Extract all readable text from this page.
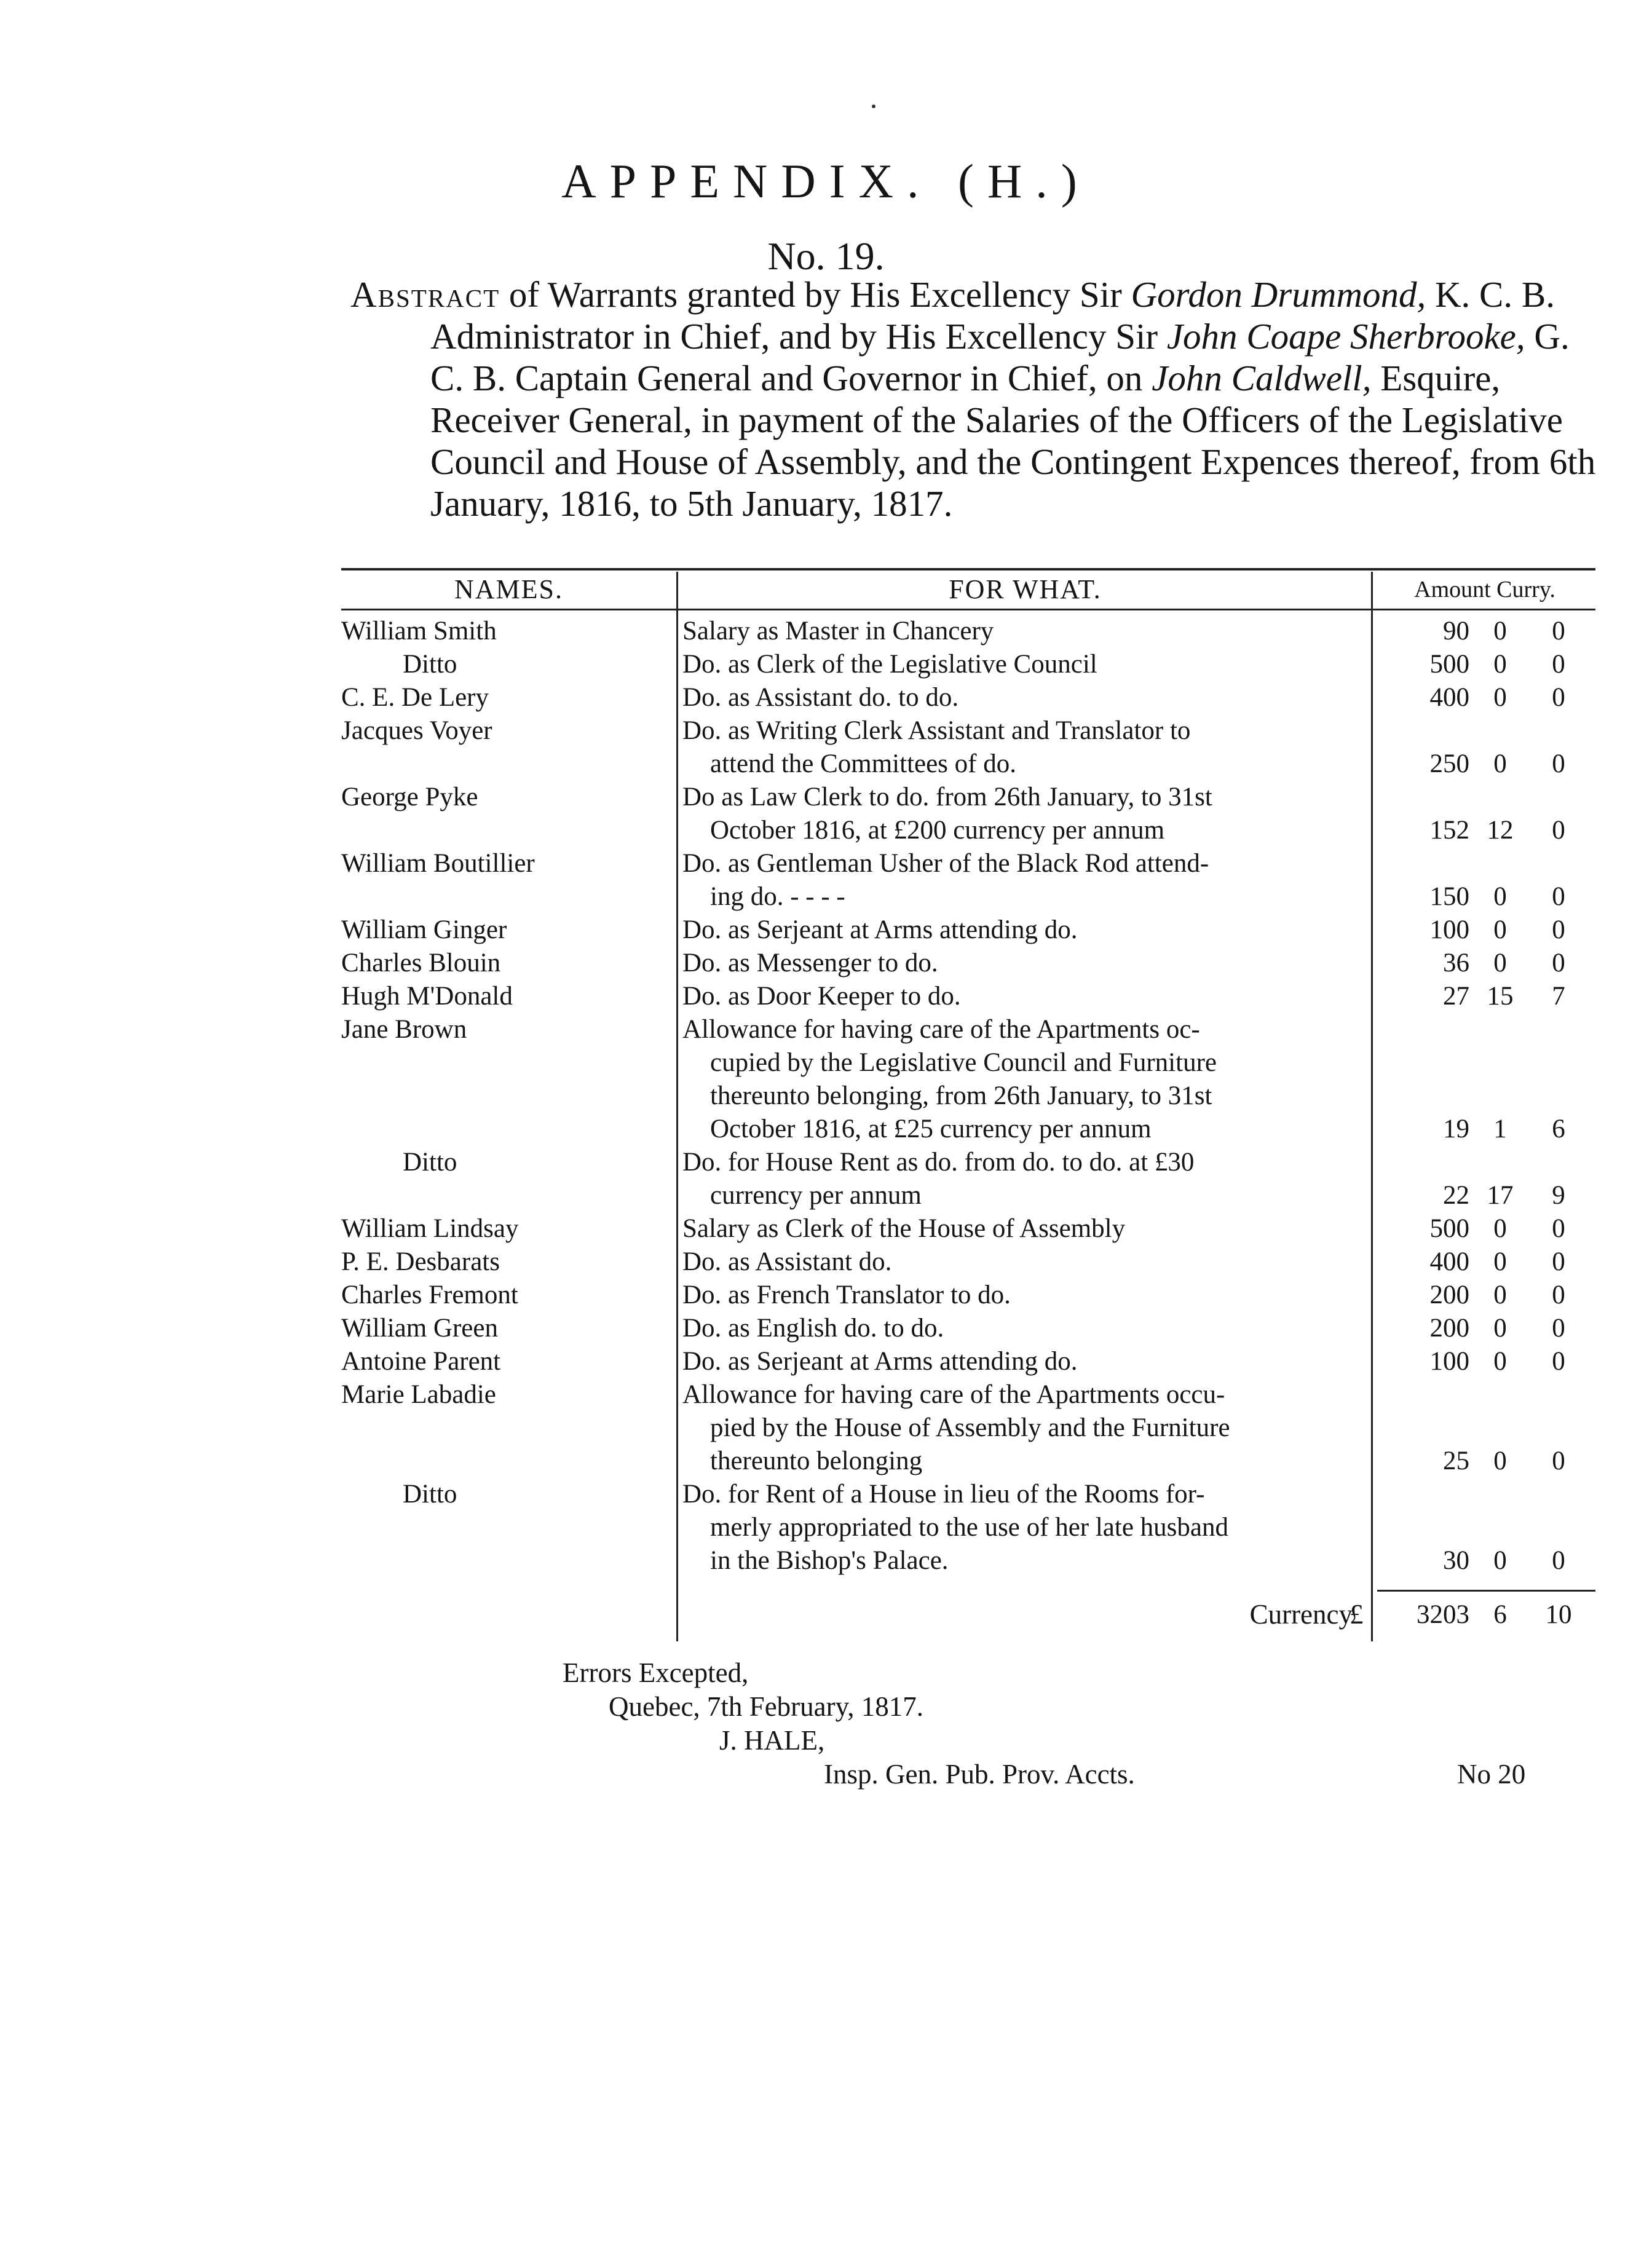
APPENDIX. (H.)
No. 19.

Abstract of Warrants granted by His Excellency Sir Gordon Drummond, K. C. B. Administrator in Chief, and by His Excellency Sir John Coape Sherbrooke, G. C. B. Captain General and Governor in Chief, on John Caldwell, Esquire, Receiver General, in payment of the Salaries of the Officers of the Legislative Council and House of Assembly, and the Contingent Expences thereof, from 6th January, 1816, to 5th January, 1817.

NAMES.	FOR WHAT.	Amount Curry.
William Smith	Salary as Master in Chancery	90 0	0
Ditto	Do. as Clerk of the Legislative Council	500 0	0
C. E. De Lery	Do. as Assistant do. to do.	400 0	0
Jacques Voyer	Do. as Writing Clerk Assistant and Translator to
attend the Committees of do.	250 0	0
George Pyke	Do as Law Clerk to do. from 26th January, to 31st
October 1816, at £200 currency per annum	152 12	0
William Boutillier	Do. as Gentleman Usher of the Black Rod attend-
ing do. - - - -	150 0	0
William Ginger	Do. as Serjeant at Arms attending do.	100 0	0
Charles Blouin	Do. as Messenger to do.	36 0	0
Hugh M'Donald	Do. as Door Keeper to do.	27 15	7
Jane Brown	Allowance for having care of the Apartments oc-
cupied by the Legislative Council and Furniture
thereunto belonging, from 26th January, to 31st
October 1816, at £25 currency per annum	19 1	6
Ditto	Do. for House Rent as do. from do. to do. at £30
currency per annum	22 17	9
William Lindsay	Salary as Clerk of the House of Assembly	500 0	0
P. E. Desbarats	Do. as Assistant do.	400 0	0
Charles Fremont	Do. as French Translator to do.	200 0	0
William Green	Do. as English do. to do.	200 0	0
Antoine Parent	Do. as Serjeant at Arms attending do.	100 0	0
Marie Labadie	Allowance for having care of the Apartments occu-
pied by the House of Assembly and the Furniture
thereunto belonging	25 0	0
Ditto	Do. for Rent of a House in lieu of the Rooms for-
merly appropriated to the use of her late husband
in the Bishop's Palace.	30 0	0
Currency
£	3203 6	10
Errors Excepted,
Quebec, 7th February, 1817.
J. HALE,
Insp. Gen. Pub. Prov. Accts.	No 20
